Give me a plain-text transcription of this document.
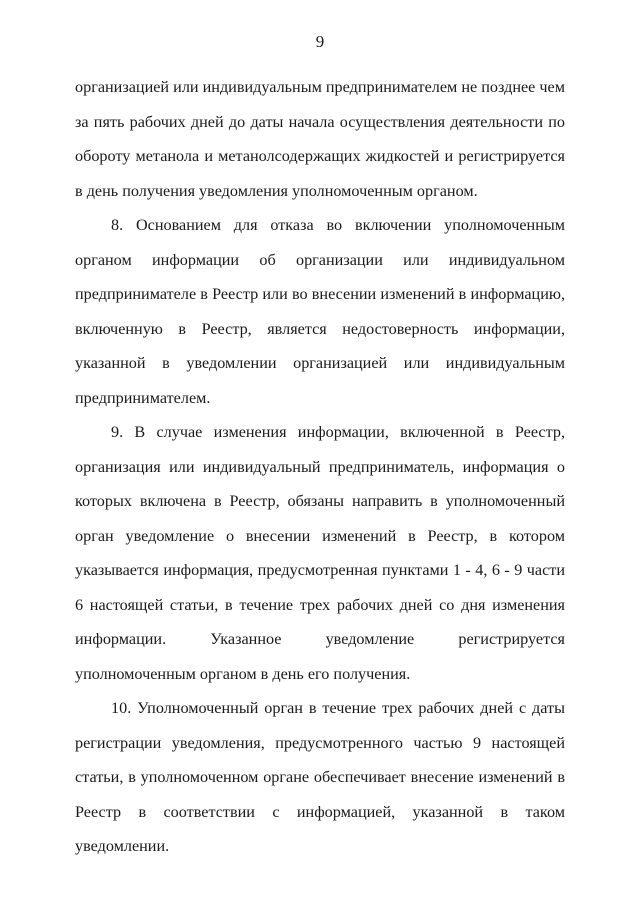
9

организацией или индивидуальным предпринимателем не позднее чем за пять рабочих дней до даты начала осуществления деятельности по обороту метанола и метанолсодержащих жидкостей и регистрируется в день получения уведомления уполномоченным органом.

8. Основанием для отказа во включении уполномоченным органом информации об организации или индивидуальном предпринимателе в Реестр или во внесении изменений в информацию, включенную в Реестр, является недостоверность информации, указанной в уведомлении организацией или индивидуальным предпринимателем.

9. В случае изменения информации, включенной в Реестр, организация или индивидуальный предприниматель, информация о которых включена в Реестр, обязаны направить в уполномоченный орган уведомление о внесении изменений в Реестр, в котором указывается информация, предусмотренная пунктами 1 - 4, 6 - 9 части 6 настоящей статьи, в течение трех рабочих дней со дня изменения информации. Указанное уведомление регистрируется уполномоченным органом в день его получения.

10. Уполномоченный орган в течение трех рабочих дней с даты регистрации уведомления, предусмотренного частью 9 настоящей статьи, в уполномоченном органе обеспечивает внесение изменений в Реестр в соответствии с информацией, указанной в таком уведомлении.
